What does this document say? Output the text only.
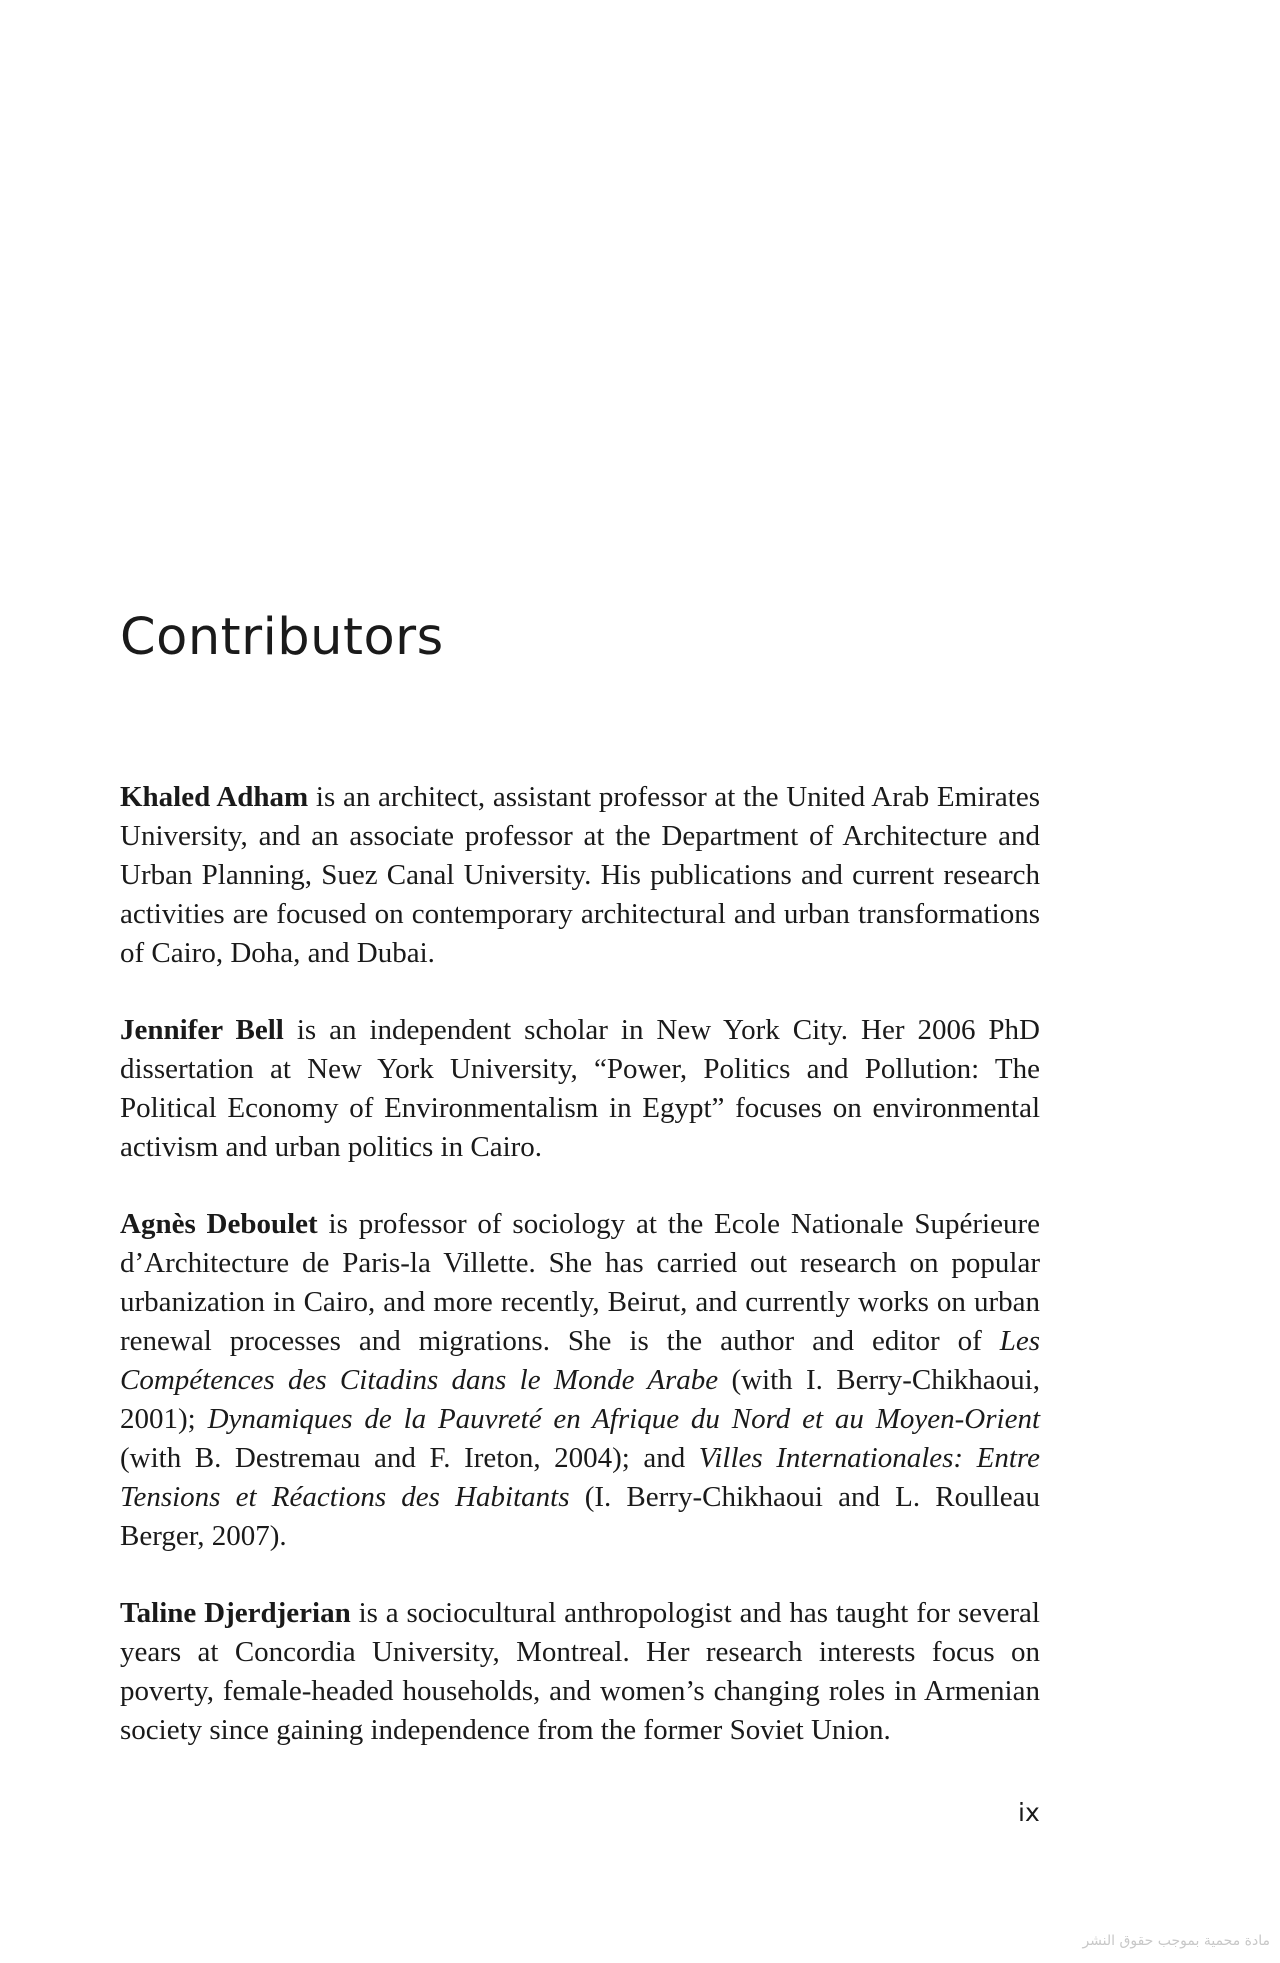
Contributors

Khaled Adham is an architect, assistant professor at the United Arab Emirates University, and an associate professor at the Department of Architecture and Urban Planning, Suez Canal University. His publications and current research activities are focused on contemporary architectural and urban transformations of Cairo, Doha, and Dubai.

Jennifer Bell is an independent scholar in New York City. Her 2006 PhD dissertation at New York University, “Power, Politics and Pollution: The Political Economy of Environmentalism in Egypt” focuses on environmental activism and urban politics in Cairo.

Agnès Deboulet is professor of sociology at the Ecole Nationale Supérieure d’Architecture de Paris-la Villette. She has carried out research on popular urbanization in Cairo, and more recently, Beirut, and currently works on urban renewal processes and migrations. She is the author and editor of Les Compétences des Citadins dans le Monde Arabe (with I. Berry-Chikhaoui, 2001); Dynamiques de la Pauvreté en Afrique du Nord et au Moyen-Orient (with B. Destremau and F. Ireton, 2004); and Villes Internationales: Entre Tensions et Réactions des Habitants (I. Berry-Chikhaoui and L. Roulleau Berger, 2007).

Taline Djerdjerian is a sociocultural anthropologist and has taught for several years at Concordia University, Montreal. Her research interests focus on poverty, female-headed households, and women’s changing roles in Armenian society since gaining independence from the former Soviet Union.

ix
مادة محمية بموجب حقوق النشر
